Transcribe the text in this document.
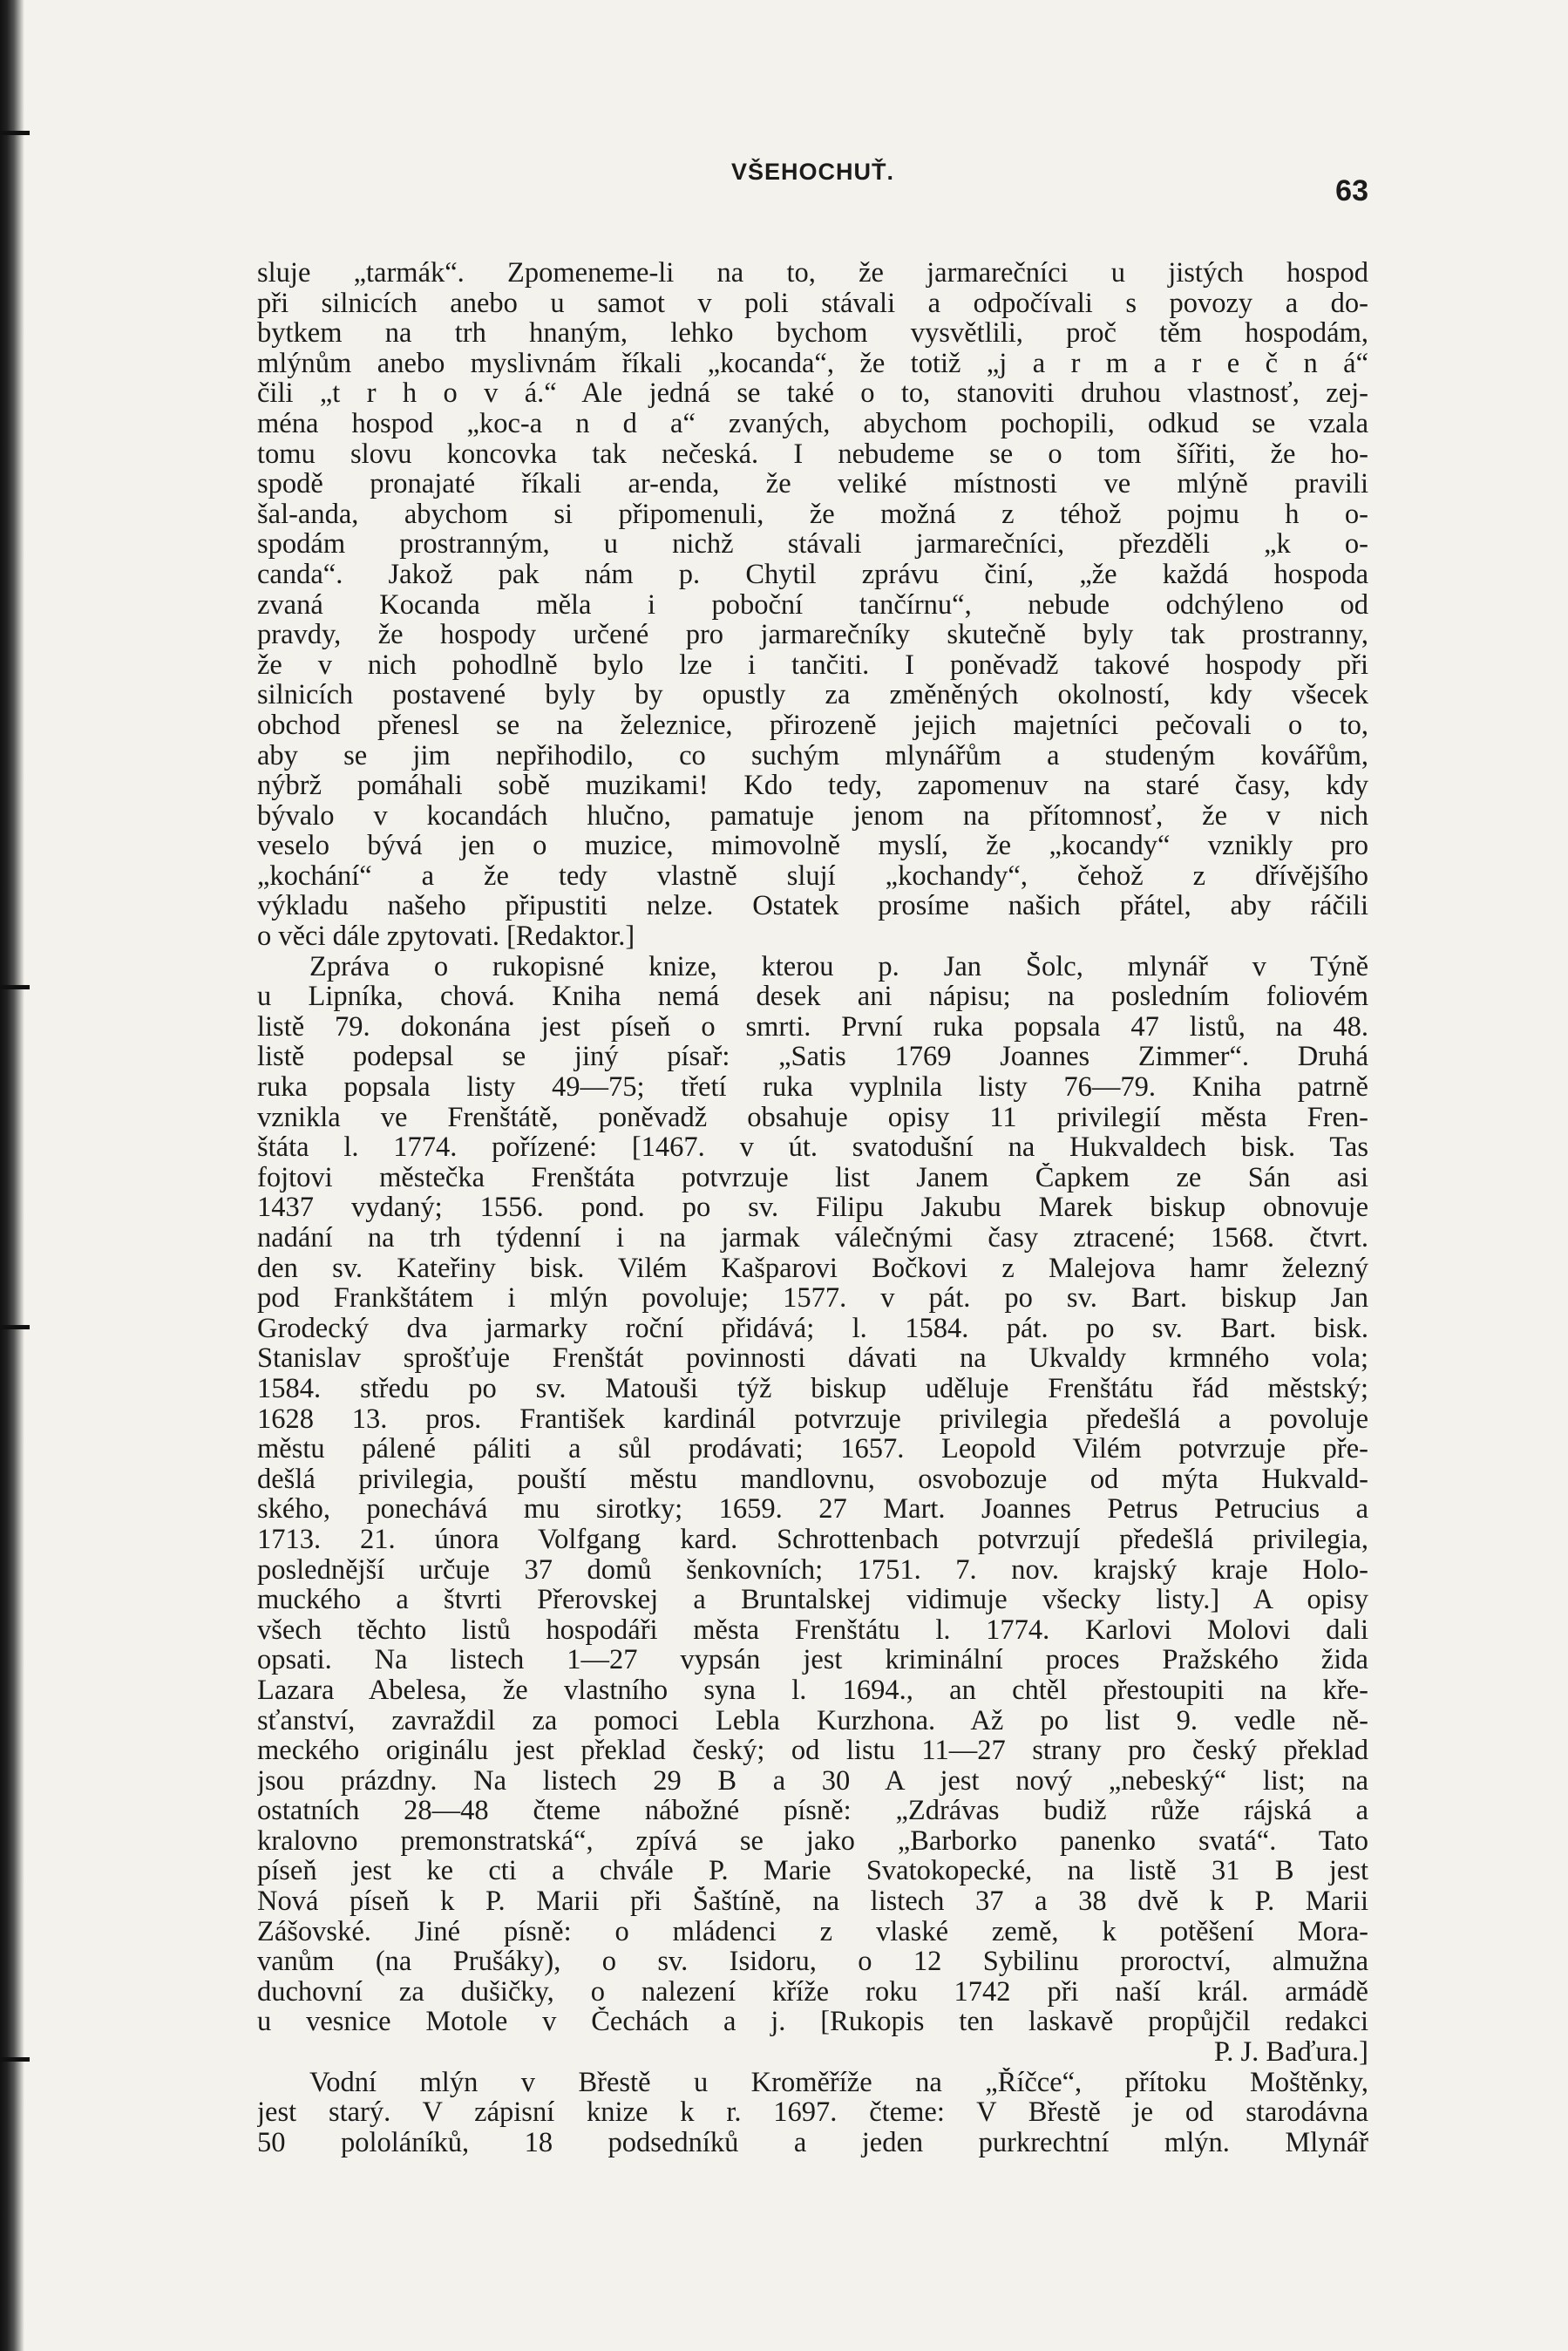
VŠEHOCHUŤ.
63
sluje „tarmák“. Zpomeneme-li na to, že jarmarečníci u jistých hospod
při silnicích anebo u samot v poli stávali a odpočívali s povozy a do-
bytkem na trh hnaným, lehko bychom vysvětlili, proč těm hospodám,
mlýnům anebo myslivnám říkali „kocanda“, že totiž „j a r m a r e č n á“
čili „t r h o v á.“ Ale jedná se také o to, stanoviti druhou vlastnosť, zej-
ména hospod „koc-a n d a“ zvaných, abychom pochopili, odkud se vzala
tomu slovu koncovka tak nečeská. I nebudeme se o tom šířiti, že ho-
spodě pronajaté říkali ar-enda, že veliké místnosti ve mlýně pravili
šal-anda, abychom si připomenuli, že možná z téhož pojmu h o-
spodám prostranným, u nichž stávali jarmarečníci, přezděli „k o-
canda“. Jakož pak nám p. Chytil zprávu činí, „že každá hospoda
zvaná Kocanda měla i poboční tančírnu“, nebude odchýleno od
pravdy, že hospody určené pro jarmarečníky skutečně byly tak prostranny,
že v nich pohodlně bylo lze i tančiti. I poněvadž takové hospody při
silnicích postavené byly by opustly za změněných okolností, kdy všecek
obchod přenesl se na železnice, přirozeně jejich majetníci pečovali o to,
aby se jim nepřihodilo, co suchým mlynářům a studeným kovářům,
nýbrž pomáhali sobě muzikami! Kdo tedy, zapomenuv na staré časy, kdy
bývalo v kocandách hlučno, pamatuje jenom na přítomnosť, že v nich
veselo bývá jen o muzice, mimovolně myslí, že „kocandy“ vznikly pro
„kochání“ a že tedy vlastně slují „kochandy“, čehož z dřívějšího
výkladu našeho připustiti nelze. Ostatek prosíme našich přátel, aby ráčili
o věci dále zpytovati. [Redaktor.]
Zpráva o rukopisné knize, kterou p. Jan Šolc, mlynář v Týně
u Lipníka, chová. Kniha nemá desek ani nápisu; na posledním foliovém
listě 79. dokonána jest píseň o smrti. První ruka popsala 47 listů, na 48.
listě podepsal se jiný písař: „Satis 1769 Joannes Zimmer“. Druhá
ruka popsala listy 49—75; třetí ruka vyplnila listy 76—79. Kniha patrně
vznikla ve Frenštátě, poněvadž obsahuje opisy 11 privilegií města Fren-
štáta l. 1774. pořízené: [1467. v út. svatodušní na Hukvaldech bisk. Tas
fojtovi městečka Frenštáta potvrzuje list Janem Čapkem ze Sán asi
1437 vydaný; 1556. pond. po sv. Filipu Jakubu Marek biskup obnovuje
nadání na trh týdenní i na jarmak válečnými časy ztracené; 1568. čtvrt.
den sv. Kateřiny bisk. Vilém Kašparovi Bočkovi z Malejova hamr železný
pod Frankštátem i mlýn povoluje; 1577. v pát. po sv. Bart. biskup Jan
Grodecký dva jarmarky roční přidává; l. 1584. pát. po sv. Bart. bisk.
Stanislav sprošťuje Frenštát povinnosti dávati na Ukvaldy krmného vola;
1584. středu po sv. Matouši týž biskup uděluje Frenštátu řád městský;
1628 13. pros. František kardinál potvrzuje privilegia předešlá a povoluje
městu pálené páliti a sůl prodávati; 1657. Leopold Vilém potvrzuje pře-
dešlá privilegia, pouští městu mandlovnu, osvobozuje od mýta Hukvald-
ského, ponechává mu sirotky; 1659. 27 Mart. Joannes Petrus Petrucius a
1713. 21. února Volfgang kard. Schrottenbach potvrzují předešlá privilegia,
poslednější určuje 37 domů šenkovních; 1751. 7. nov. krajský kraje Holo-
muckého a štvrti Přerovskej a Bruntalskej vidimuje všecky listy.] A opisy
všech těchto listů hospodáři města Frenštátu l. 1774. Karlovi Molovi dali
opsati. Na listech 1—27 vypsán jest kriminální proces Pražského žida
Lazara Abelesa, že vlastního syna l. 1694., an chtěl přestoupiti na kře-
sťanství, zavraždil za pomoci Lebla Kurzhona. Až po list 9. vedle ně-
meckého originálu jest překlad český; od listu 11—27 strany pro český překlad
jsou prázdny. Na listech 29 B a 30 A jest nový „nebeský“ list; na
ostatních 28—48 čteme nábožné písně: „Zdrávas budiž růže rájská a
kralovno premonstratská“, zpívá se jako „Barborko panenko svatá“. Tato
píseň jest ke cti a chvále P. Marie Svatokopecké, na listě 31 B jest
Nová píseň k P. Marii při Šaštíně, na listech 37 a 38 dvě k P. Marii
Zášovské. Jiné písně: o mládenci z vlaské země, k potěšení Mora-
vanům (na Prušáky), o sv. Isidoru, o 12 Sybilinu proroctví, almužna
duchovní za dušičky, o nalezení kříže roku 1742 při naší král. armádě
u vesnice Motole v Čechách a j. [Rukopis ten laskavě propůjčil redakci
P. J. Baďura.]
Vodní mlýn v Břestě u Kroměříže na „Říčce“, přítoku Moštěnky,
jest starý. V zápisní knize k r. 1697. čteme: V Břestě je od starodávna
50 pololáníků, 18 podsedníků a jeden purkrechtní mlýn. Mlynář
